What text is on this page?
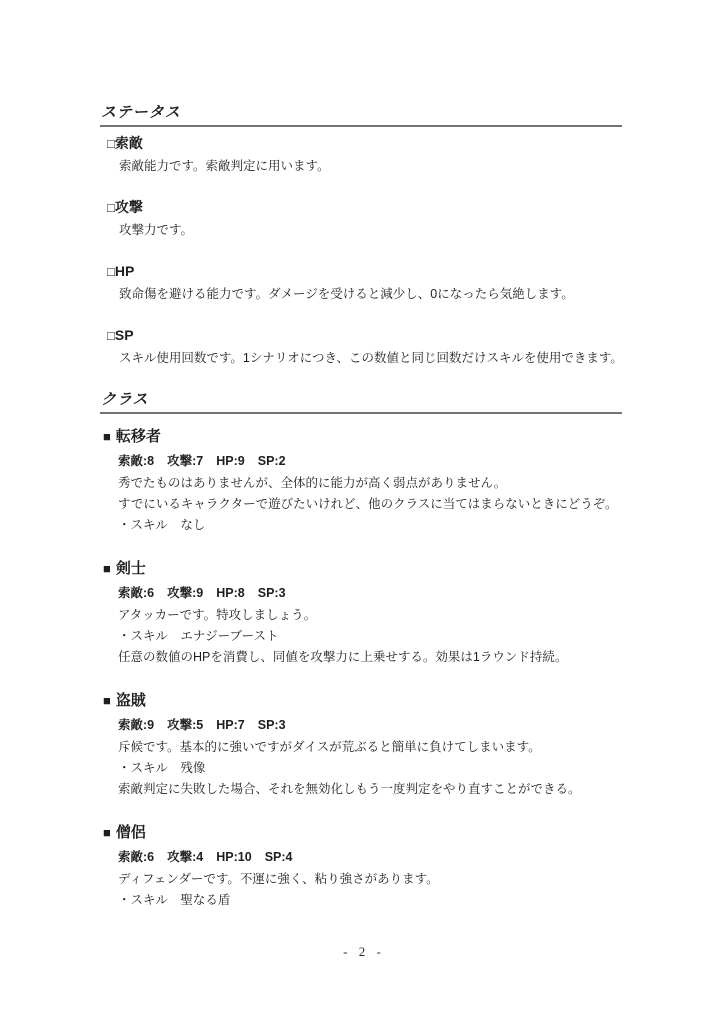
ステータス
□索敵

索敵能力です。索敵判定に用います。

□攻撃

攻撃力です。

□HP

致命傷を避ける能力です。ダメージを受けると減少し、0になったら気絶します。

□SP

スキル使用回数です。1シナリオにつき、この数値と同じ回数だけスキルを使用できます。

クラス
■ 転移者
索敵:8 攻撃:7 HP:9 SP:2
秀でたものはありませんが、全体的に能力が高く弱点がありません。
すでにいるキャラクターで遊びたいけれど、他のクラスに当てはまらないときにどうぞ。
・スキル　なし
■ 剣士
索敵:6 攻撃:9 HP:8 SP:3
アタッカーです。特攻しましょう。
・スキル　エナジーブースト
任意の数値のHPを消費し、同値を攻撃力に上乗せする。効果は1ラウンド持続。
■ 盗賊
索敵:9 攻撃:5 HP:7 SP:3
斥候です。基本的に強いですがダイスが荒ぶると簡単に負けてしまいます。
・スキル　残像
索敵判定に失敗した場合、それを無効化しもう一度判定をやり直すことができる。
■ 僧侶
索敵:6 攻撃:4 HP:10 SP:4
ディフェンダーです。不運に強く、粘り強さがあります。
・スキル　聖なる盾
- 2 -
